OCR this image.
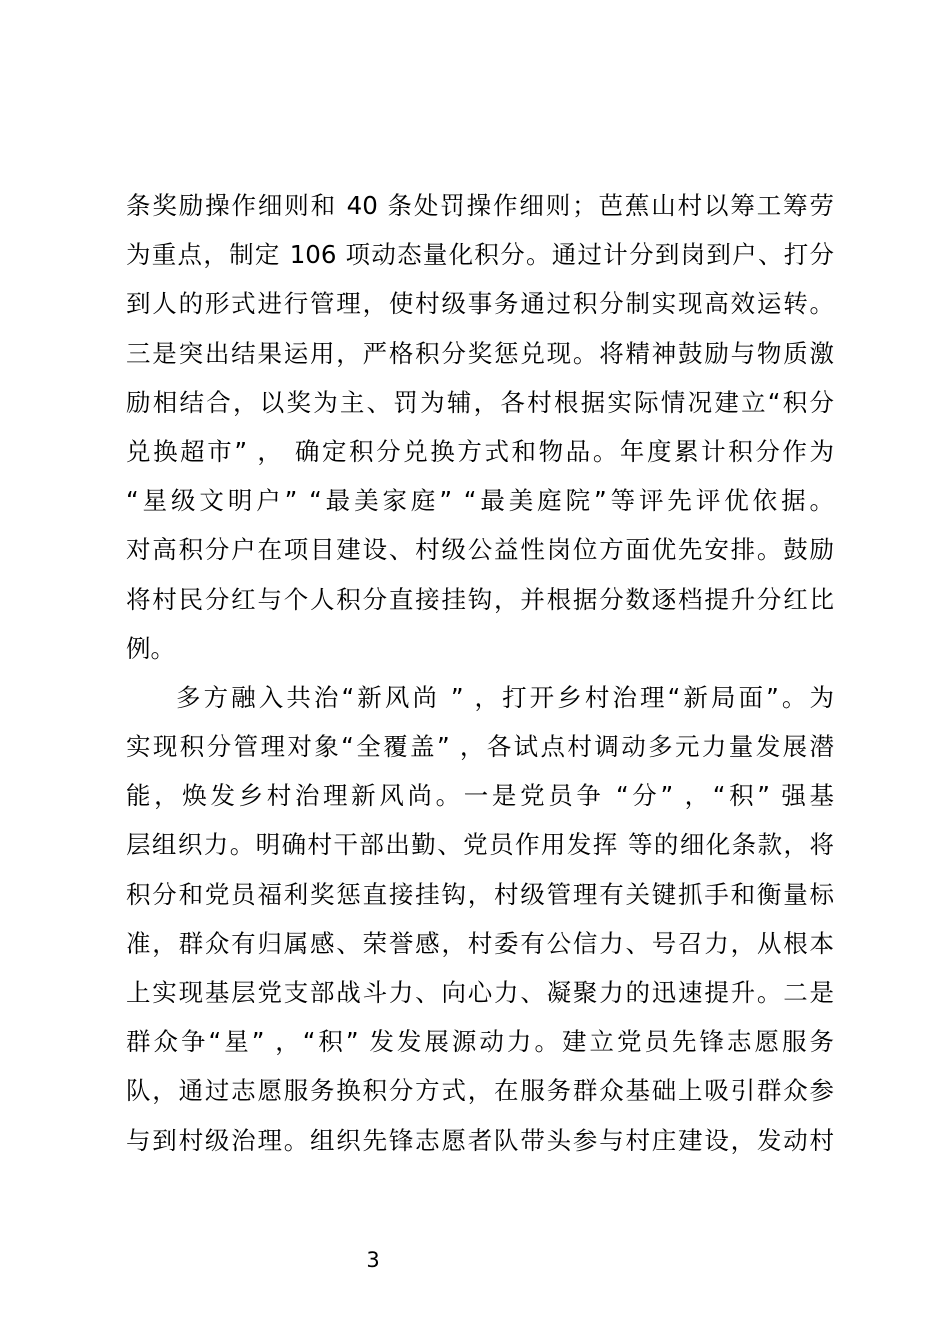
条奖励操作细则和 40 条处罚操作细则；芭蕉山村以筹工筹劳
为重点，制定 106 项动态量化积分。通过计分到岗到户、打分
到人的形式进行管理，使村级事务通过积分制实现高效运转。
三是突出结果运用，严格积分奖惩兑现。将精神鼓励与物质激
励相结合，以奖为主、罚为辅，各村根据实际情况建立“积分
兑换超市” ， 确定积分兑换方式和物品。年度累计积分作为
“星级文明户” “最美家庭” “最美庭院”等评先评优依据。
对高积分户在项目建设、村级公益性岗位方面优先安排。鼓励
将村民分红与个人积分直接挂钩，并根据分数逐档提升分红比
例。
多方融入共治“新风尚 ” ，打开乡村治理“新局面”。为
实现积分管理对象“全覆盖” ，各试点村调动多元力量发展潜
能，焕发乡村治理新风尚。一是党员争 “分” ，“积” 强基
层组织力。明确村干部出勤、党员作用发挥 等的细化条款，将
积分和党员福利奖惩直接挂钩，村级管理有关键抓手和衡量标
准，群众有归属感、荣誉感，村委有公信力、号召力，从根本
上实现基层党支部战斗力、向心力、凝聚力的迅速提升。二是
群众争“星” ，“积” 发发展源动力。建立党员先锋志愿服务
队，通过志愿服务换积分方式，在服务群众基础上吸引群众参
与到村级治理。组织先锋志愿者队带头参与村庄建设，发动村
3
